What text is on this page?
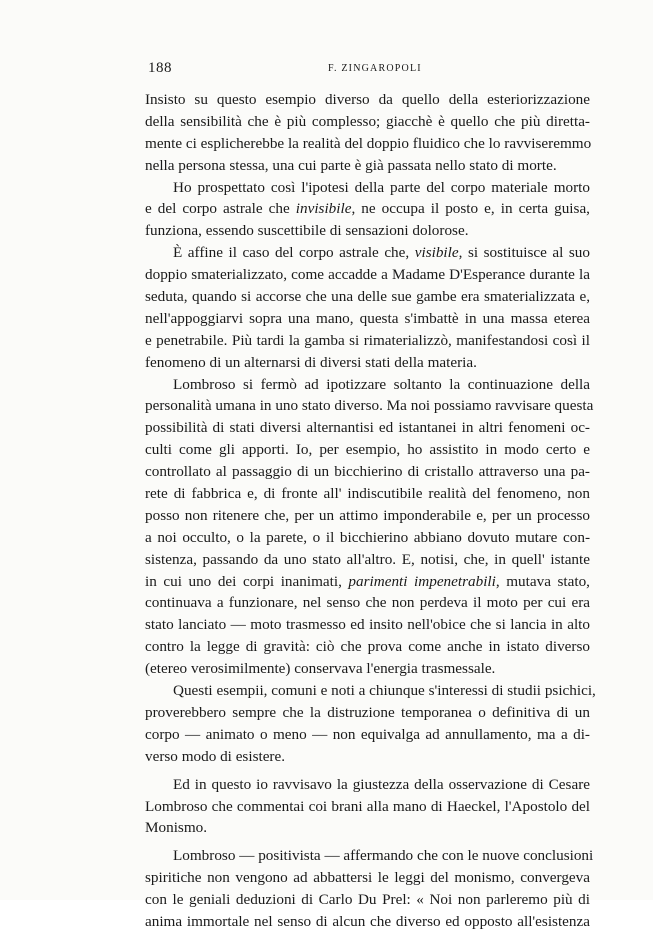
188	F. ZINGAROPOLI
Insisto su questo esempio diverso da quello della esteriorizzazione
della sensibilità che è più complesso; giacchè è quello che più diretta-
mente ci esplicherebbe la realità del doppio fluidico che lo ravviseremmo
nella persona stessa, una cui parte è già passata nello stato di morte.
Ho prospettato così l'ipotesi della parte del corpo materiale morto
e del corpo astrale che invisibile, ne occupa il posto e, in certa guisa,
funziona, essendo suscettibile di sensazioni dolorose.
È affine il caso del corpo astrale che, visibile, si sostituisce al suo
doppio smaterializzato, come accadde a Madame D'Esperance durante la
seduta, quando si accorse che una delle sue gambe era smaterializzata e,
nell'appoggiarvi sopra una mano, questa s'imbattè in una massa eterea
e penetrabile. Più tardi la gamba si rimaterializzò, manifestandosi così il
fenomeno di un alternarsi di diversi stati della materia.
Lombroso si fermò ad ipotizzare soltanto la continuazione della
personalità umana in uno stato diverso. Ma noi possiamo ravvisare questa
possibilità di stati diversi alternantisi ed istantanei in altri fenomeni oc-
culti come gli apporti. Io, per esempio, ho assistito in modo certo e
controllato al passaggio di un bicchierino di cristallo attraverso una pa-
rete di fabbrica e, di fronte all' indiscutibile realità del fenomeno, non
posso non ritenere che, per un attimo imponderabile e, per un processo
a noi occulto, o la parete, o il bicchierino abbiano dovuto mutare con-
sistenza, passando da uno stato all'altro. E, notisi, che, in quell' istante
in cui uno dei corpi inanimati, parimenti impenetrabili, mutava stato,
continuava a funzionare, nel senso che non perdeva il moto per cui era
stato lanciato — moto trasmesso ed insito nell'obice che si lancia in alto
contro la legge di gravità: ciò che prova come anche in istato diverso
(etereo verosimilmente) conservava l'energia trasmessale.
Questi esempii, comuni e noti a chiunque s'interessi di studii psichici,
proverebbero sempre che la distruzione temporanea o definitiva di un
corpo — animato o meno — non equivalga ad annullamento, ma a di-
verso modo di esistere.
Ed in questo io ravvisavo la giustezza della osservazione di Cesare
Lombroso che commentai coi brani alla mano di Haeckel, l'Apostolo del
Monismo.
Lombroso — positivista — affermando che con le nuove conclusioni
spiritiche non vengono ad abbattersi le leggi del monismo, convergeva
con le geniali deduzioni di Carlo Du Prel: « Noi non parleremo più di
anima immortale nel senso di alcun che diverso ed opposto all'esistenza
